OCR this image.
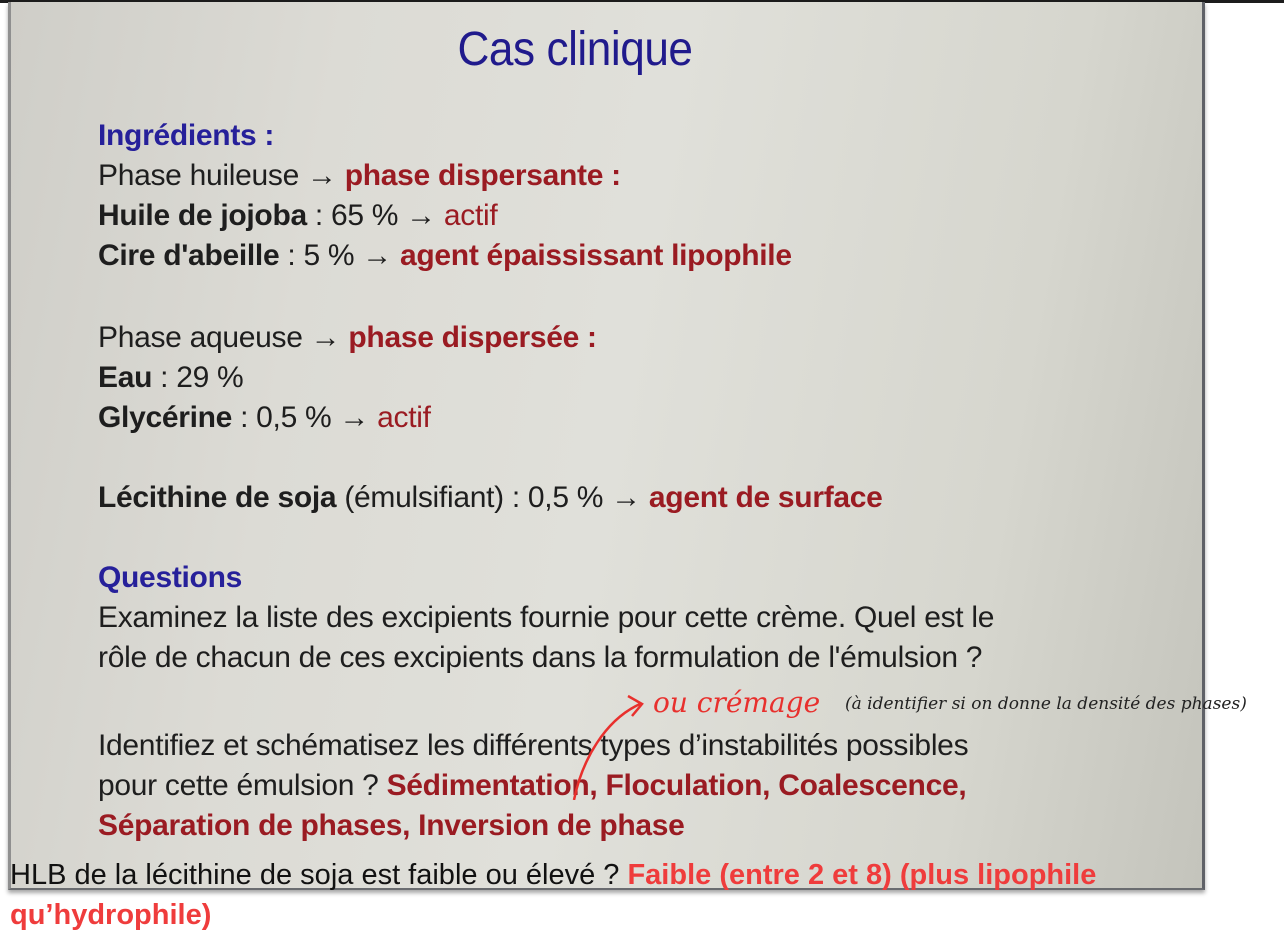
Cas clinique
Ingrédients :
Phase huileuse → phase dispersante :
Huile de jojoba : 65 % → actif
Cire d'abeille : 5 % → agent épaississant lipophile
Phase aqueuse → phase dispersée :
Eau : 29 %
Glycérine : 0,5 % → actif
Lécithine de soja (émulsifiant) : 0,5 % → agent de surface
Questions
Examinez la liste des excipients fournie pour cette crème. Quel est le
rôle de chacun de ces excipients dans la formulation de l'émulsion ?
Identifiez et schématisez les différents types d’instabilités possibles
pour cette émulsion ? Sédimentation, Floculation, Coalescence,
Séparation de phases, Inversion de phase
ou crémage (à identifier si on donne la densité des phases)
HLB de la lécithine de soja est faible ou élevé ? Faible (entre 2 et 8) (plus lipophile qu’hydrophile)
